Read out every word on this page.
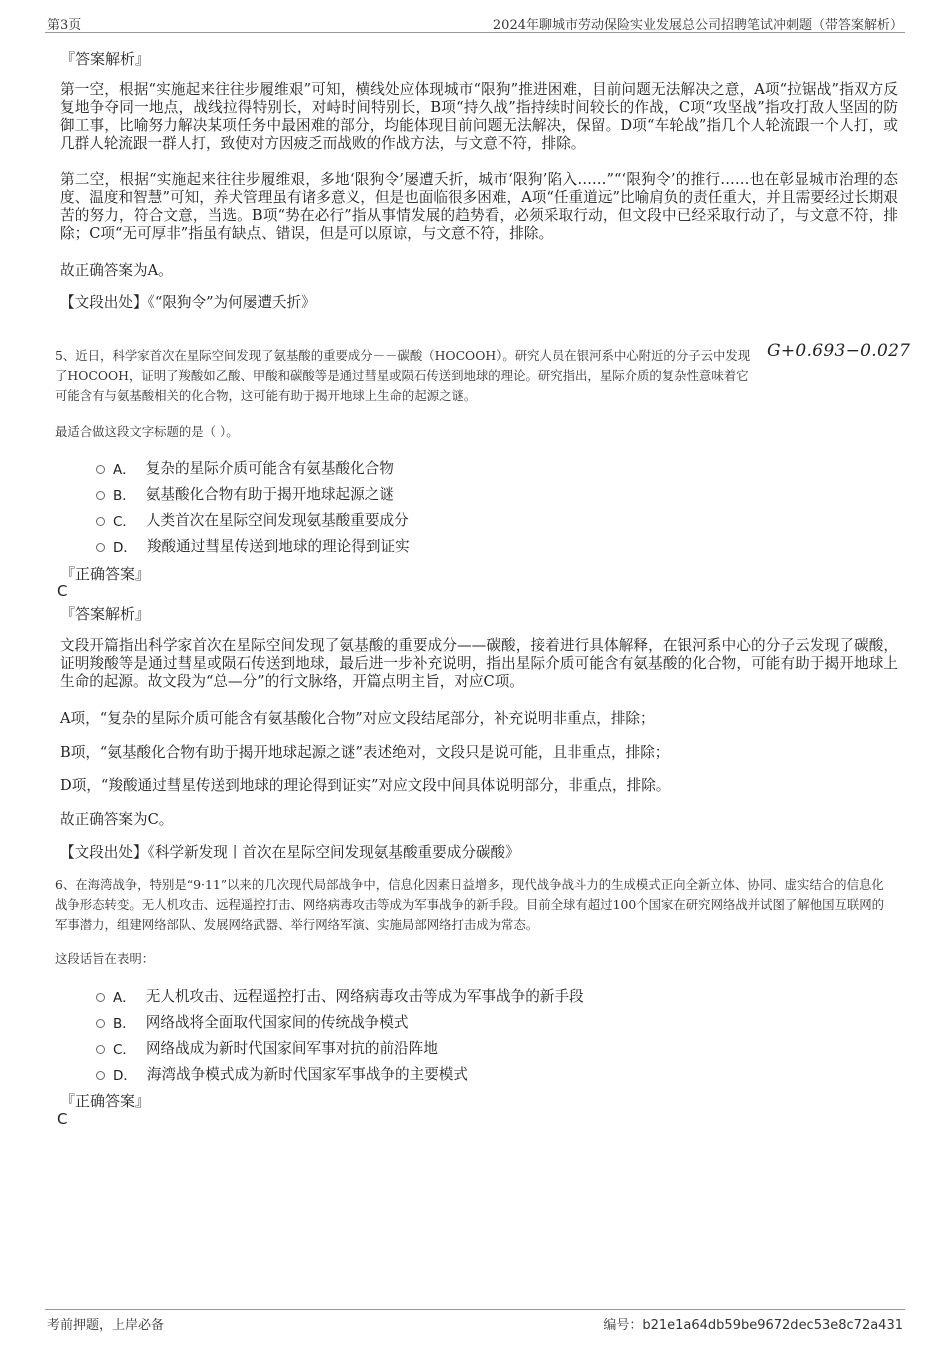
第3页	2024年聊城市劳动保险实业发展总公司招聘笔试冲刺题（带答案解析）
『答案解析』

第一空，根据“实施起来往往步履维艰”可知，横线处应体现城市“限狗”推进困难，目前问题无法解决之意，A项“拉锯战”指双方反复地争夺同一地点，战线拉得特别长，对峙时间特别长，B项“持久战”指持续时间较长的作战，C项“攻坚战”指攻打敌人坚固的防御工事，比喻努力解决某项任务中最困难的部分，均能体现目前问题无法解决，保留。D项“车轮战”指几个人轮流跟一个人打，或几群人轮流跟一群人打，致使对方因疲乏而战败的作战方法，与文意不符，排除。

第二空，根据“实施起来往往步履维艰，多地‘限狗令’屡遭夭折，城市‘限狗’陷入……”“‘限狗令’的推行……也在彰显城市治理的态度、温度和智慧”可知，养犬管理虽有诸多意义，但是也面临很多困难，A项“任重道远”比喻肩负的责任重大，并且需要经过长期艰苦的努力，符合文意，当选。B项“势在必行”指从事情发展的趋势看，必须采取行动，但文段中已经采取行动了，与文意不符，排除；C项“无可厚非”指虽有缺点、错误，但是可以原谅，与文意不符，排除。

故正确答案为A。
【文段出处】《“限狗令”为何屡遭夭折》

5、近日，科学家首次在星际空间发现了氨基酸的重要成分－－碳酸（HOCOOH）。研究人员在银河系中心附近的分子云中发现了HOCOOH，证明了羧酸如乙酸、甲酸和碳酸等是通过彗星或陨石传送到地球的理论。研究指出，星际介质的复杂性意味着它可能含有与氨基酸相关的化合物，这可能有助于揭开地球上生命的起源之谜。

G+0.693−0.027
最适合做这段文字标题的是（ ）。
A． 复杂的星际介质可能含有氨基酸化合物
B． 氨基酸化合物有助于揭开地球起源之谜
C． 人类首次在星际空间发现氨基酸重要成分
D． 羧酸通过彗星传送到地球的理论得到证实
『正确答案』
C
『答案解析』

文段开篇指出科学家首次在星际空间发现了氨基酸的重要成分——碳酸，接着进行具体解释，在银河系中心的分子云发现了碳酸，证明羧酸等是通过彗星或陨石传送到地球，最后进一步补充说明，指出星际介质可能含有氨基酸的化合物，可能有助于揭开地球上生命的起源。故文段为“总—分”的行文脉络，开篇点明主旨，对应C项。

A项，“复杂的星际介质可能含有氨基酸化合物”对应文段结尾部分，补充说明非重点，排除；
B项，“氨基酸化合物有助于揭开地球起源之谜”表述绝对，文段只是说可能，且非重点，排除；
D项，“羧酸通过彗星传送到地球的理论得到证实”对应文段中间具体说明部分，非重点，排除。
故正确答案为C。
【文段出处】《科学新发现丨首次在星际空间发现氨基酸重要成分碳酸》

6、在海湾战争，特别是“9·11”以来的几次现代局部战争中，信息化因素日益增多，现代战争战斗力的生成模式正向全新立体、协同、虚实结合的信息化战争形态转变。无人机攻击、远程遥控打击、网络病毒攻击等成为军事战争的新手段。目前全球有超过100个国家在研究网络战并试图了解他国互联网的军事潜力，组建网络部队、发展网络武器、举行网络军演、实施局部网络打击成为常态。

这段话旨在表明：
A． 无人机攻击、远程遥控打击、网络病毒攻击等成为军事战争的新手段
B． 网络战将全面取代国家间的传统战争模式
C． 网络战成为新时代国家间军事对抗的前沿阵地
D． 海湾战争模式成为新时代国家军事战争的主要模式
『正确答案』
C
考前押题，上岸必备	编号：b21e1a64db59be9672dec53e8c72a431
